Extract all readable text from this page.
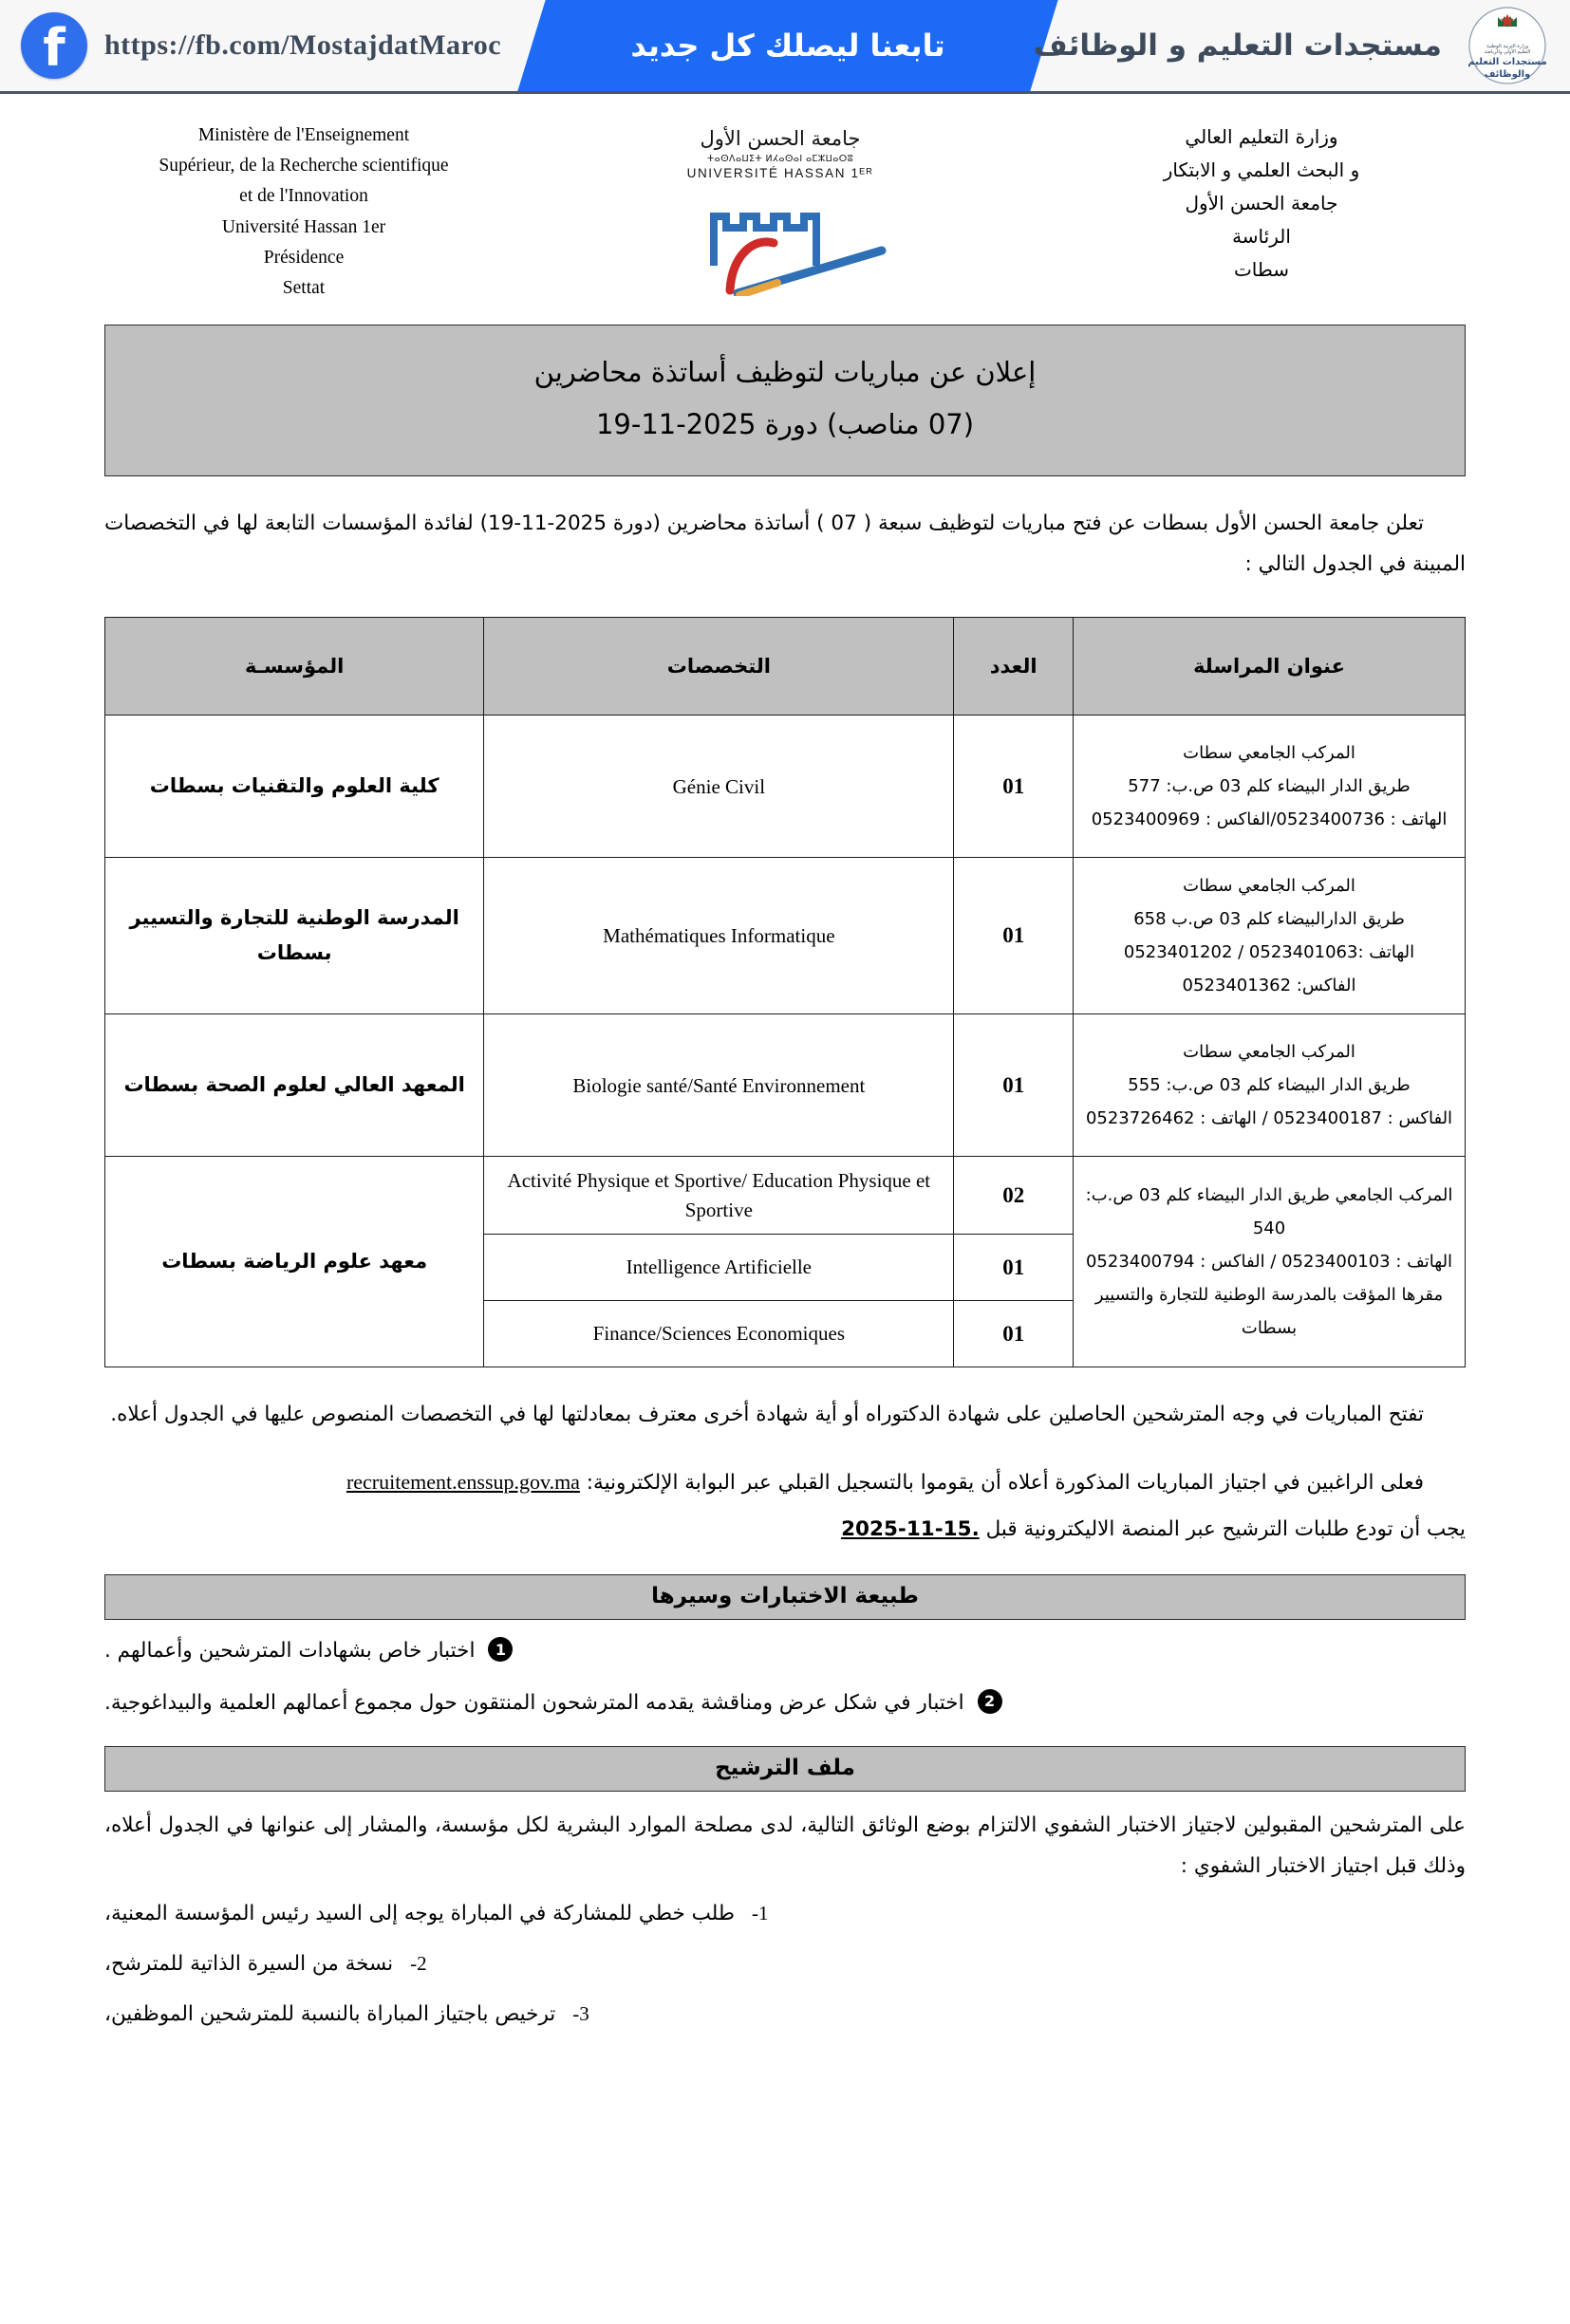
f https://fb.com/MostajdatMaroc	تابعنا ليصلك كل جديد	مستجدات التعليم و الوظائف	وزارة التربية الوطنية
التعليم الأولي والرياضة
مستجدات التعليم
والوظائف
Ministère de l'Enseignement
Supérieur, de la Recherche scientifique
et de l'Innovation
Université Hassan 1er
Présidence
Settat
جامعة الحسن الأول
ⵜⴰⵙⴷⴰⵡⵉⵜ ⵍⵃⴰⵙⴰⵏ ⴰⵎⵣⵡⴰⵔⵓ
UNIVERSITÉ HASSAN 1ᴱᴿ
وزارة التعليم العالي
و البحث العلمي و الابتكار
جامعة الحسن الأول
الرئاسة
سطات
إعلان عن مباريات لتوظيف أساتذة محاضرين
(07 مناصب) دورة 2025-11-19
تعلن جامعة الحسن الأول بسطات عن فتح مباريات لتوظيف سبعة ( 07 ) أساتذة محاضرين (دورة 2025-11-19) لفائدة المؤسسات التابعة لها في التخصصات المبينة في الجدول التالي :
عنوان المراسلة	العدد	التخصصات	المؤسسـة

المركب الجامعي سطات
طريق الدار البيضاء كلم 03 ص.ب: 577
الهاتف : 0523400736/الفاكس : 0523400969	01	Génie Civil	كلية العلوم والتقنيات بسطات

المركب الجامعي سطات
طريق الدارالبيضاء كلم 03 ص.ب 658
الهاتف :0523401063 / 0523401202
الفاكس: 0523401362	01	Mathématiques Informatique	المدرسة الوطنية للتجارة والتسيير بسطات

المركب الجامعي سطات
طريق الدار البيضاء كلم 03 ص.ب: 555
الفاكس : 0523400187 / الهاتف : 0523726462	01	Biologie santé/Santé Environnement	المعهد العالي لعلوم الصحة بسطات

المركب الجامعي طريق الدار البيضاء كلم 03 ص.ب: 540
الهاتف : 0523400103 / الفاكس : 0523400794
مقرها المؤقت بالمدرسة الوطنية للتجارة والتسيير بسطات	02	Activité Physique et Sportive/ Education Physique et Sportive	معهد علوم الرياضة بسطات
	01	Intelligence Artificielle	
	01	Finance/Sciences Economiques	
تفتح المباريات في وجه المترشحين الحاصلين على شهادة الدكتوراه أو أية شهادة أخرى معترف بمعادلتها لها في التخصصات المنصوص عليها في الجدول أعلاه.
فعلى الراغبين في اجتياز المباريات المذكورة أعلاه أن يقوموا بالتسجيل القبلي عبر البوابة الإلكترونية: recruitement.enssup.gov.ma
يجب أن تودع طلبات الترشيح عبر المنصة الاليكترونية قبل 2025-11-15.
طبيعة الاختبارات وسيرها
1
اختبار خاص بشهادات المترشحين وأعمالهم .
2
اختبار في شكل عرض ومناقشة يقدمه المترشحون المنتقون حول مجموع أعمالهم العلمية والبيداغوجية.
ملف الترشيح
على المترشحين المقبولين لاجتياز الاختبار الشفوي الالتزام بوضع الوثائق التالية، لدى مصلحة الموارد البشرية لكل مؤسسة، والمشار إلى عنوانها في الجدول أعلاه، وذلك قبل اجتياز الاختبار الشفوي :
-1
طلب خطي للمشاركة في المباراة يوجه إلى السيد رئيس المؤسسة المعنية،
-2
نسخة من السيرة الذاتية للمترشح،
-3
ترخيص باجتياز المباراة بالنسبة للمترشحين الموظفين،
